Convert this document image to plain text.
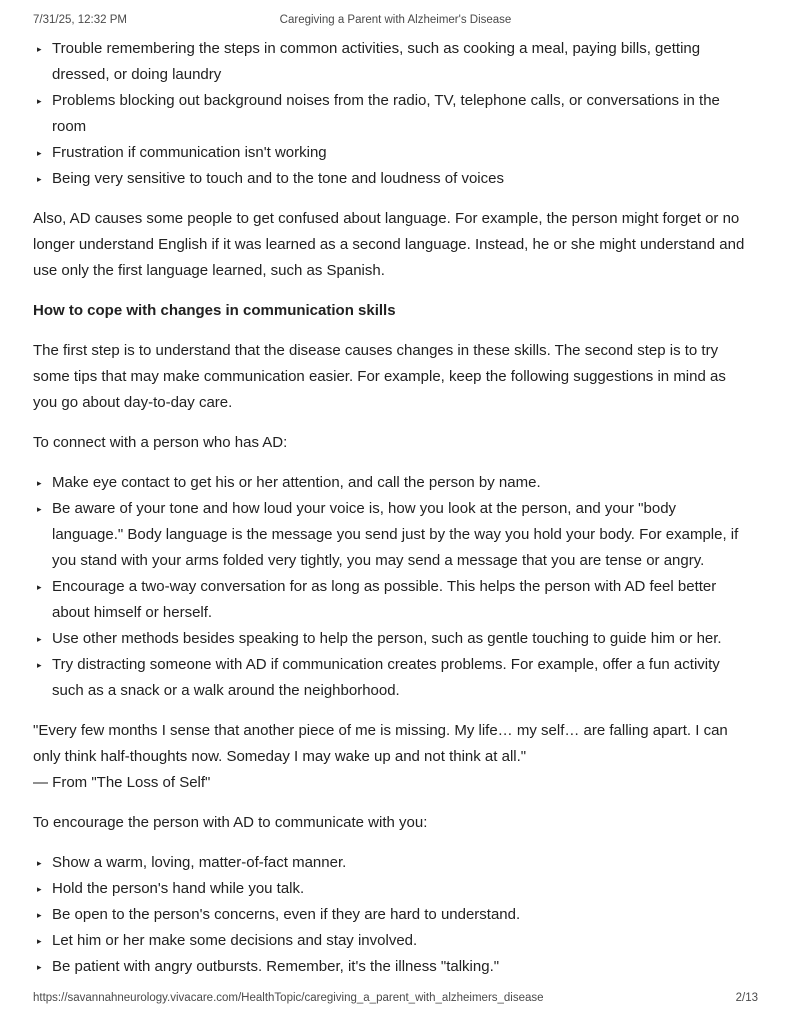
7/31/25, 12:32 PM	Caregiving a Parent with Alzheimer's Disease
▸ Trouble remembering the steps in common activities, such as cooking a meal, paying bills, getting dressed, or doing laundry
▸ Problems blocking out background noises from the radio, TV, telephone calls, or conversations in the room
▸ Frustration if communication isn't working
▸ Being very sensitive to touch and to the tone and loudness of voices

Also, AD causes some people to get confused about language. For example, the person might forget or no longer understand English if it was learned as a second language. Instead, he or she might understand and use only the first language learned, such as Spanish.

How to cope with changes in communication skills

The first step is to understand that the disease causes changes in these skills. The second step is to try some tips that may make communication easier. For example, keep the following suggestions in mind as you go about day-to-day care.

To connect with a person who has AD:

▸ Make eye contact to get his or her attention, and call the person by name.
▸ Be aware of your tone and how loud your voice is, how you look at the person, and your "body language." Body language is the message you send just by the way you hold your body. For example, if you stand with your arms folded very tightly, you may send a message that you are tense or angry.
▸ Encourage a two-way conversation for as long as possible. This helps the person with AD feel better about himself or herself.
▸ Use other methods besides speaking to help the person, such as gentle touching to guide him or her.
▸ Try distracting someone with AD if communication creates problems. For example, offer a fun activity such as a snack or a walk around the neighborhood.

"Every few months I sense that another piece of me is missing. My life… my self… are falling apart. I can only think half-thoughts now. Someday I may wake up and not think at all."
— From "The Loss of Self"

To encourage the person with AD to communicate with you:

▸ Show a warm, loving, matter-of-fact manner.
▸ Hold the person's hand while you talk.
▸ Be open to the person's concerns, even if they are hard to understand.
▸ Let him or her make some decisions and stay involved.
▸ Be patient with angry outbursts. Remember, it's the illness "talking."
https://savannahneurology.vivacare.com/HealthTopic/caregiving_a_parent_with_alzheimers_disease	2/13
